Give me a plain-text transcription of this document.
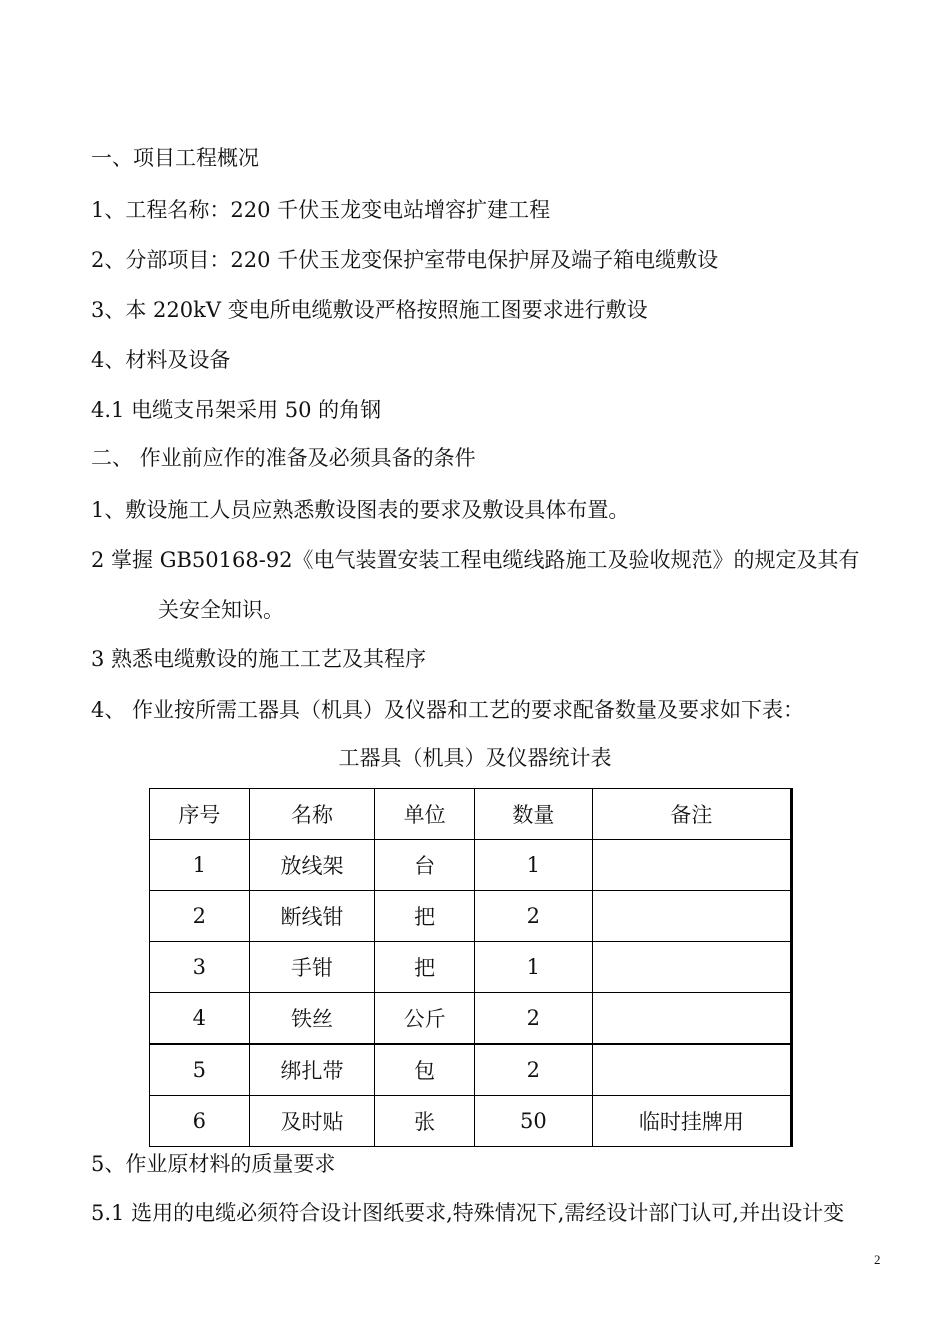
一、项目工程概况
1、工程名称：220 千伏玉龙变电站增容扩建工程
2、分部项目：220 千伏玉龙变保护室带电保护屏及端子箱电缆敷设
3、本 220kV 变电所电缆敷设严格按照施工图要求进行敷设
4、材料及设备
4.1 电缆支吊架采用 50 的角钢
二、 作业前应作的准备及必须具备的条件
1、敷设施工人员应熟悉敷设图表的要求及敷设具体布置。
2 掌握 GB50168-92《电气装置安装工程电缆线路施工及验收规范》的规定及其有
关安全知识。
3 熟悉电缆敷设的施工工艺及其程序
4、 作业按所需工器具（机具）及仪器和工艺的要求配备数量及要求如下表：
工器具（机具）及仪器统计表
序号	名称	单位	数量	备注
1	放线架	台	1	
2	断线钳	把	2	
3	手钳	把	1	
4	铁丝	公斤	2	
5	绑扎带	包	2	
6	及时贴	张	50	临时挂牌用
5、作业原材料的质量要求
5.1 选用的电缆必须符合设计图纸要求,特殊情况下,需经设计部门认可,并出设计变
2
